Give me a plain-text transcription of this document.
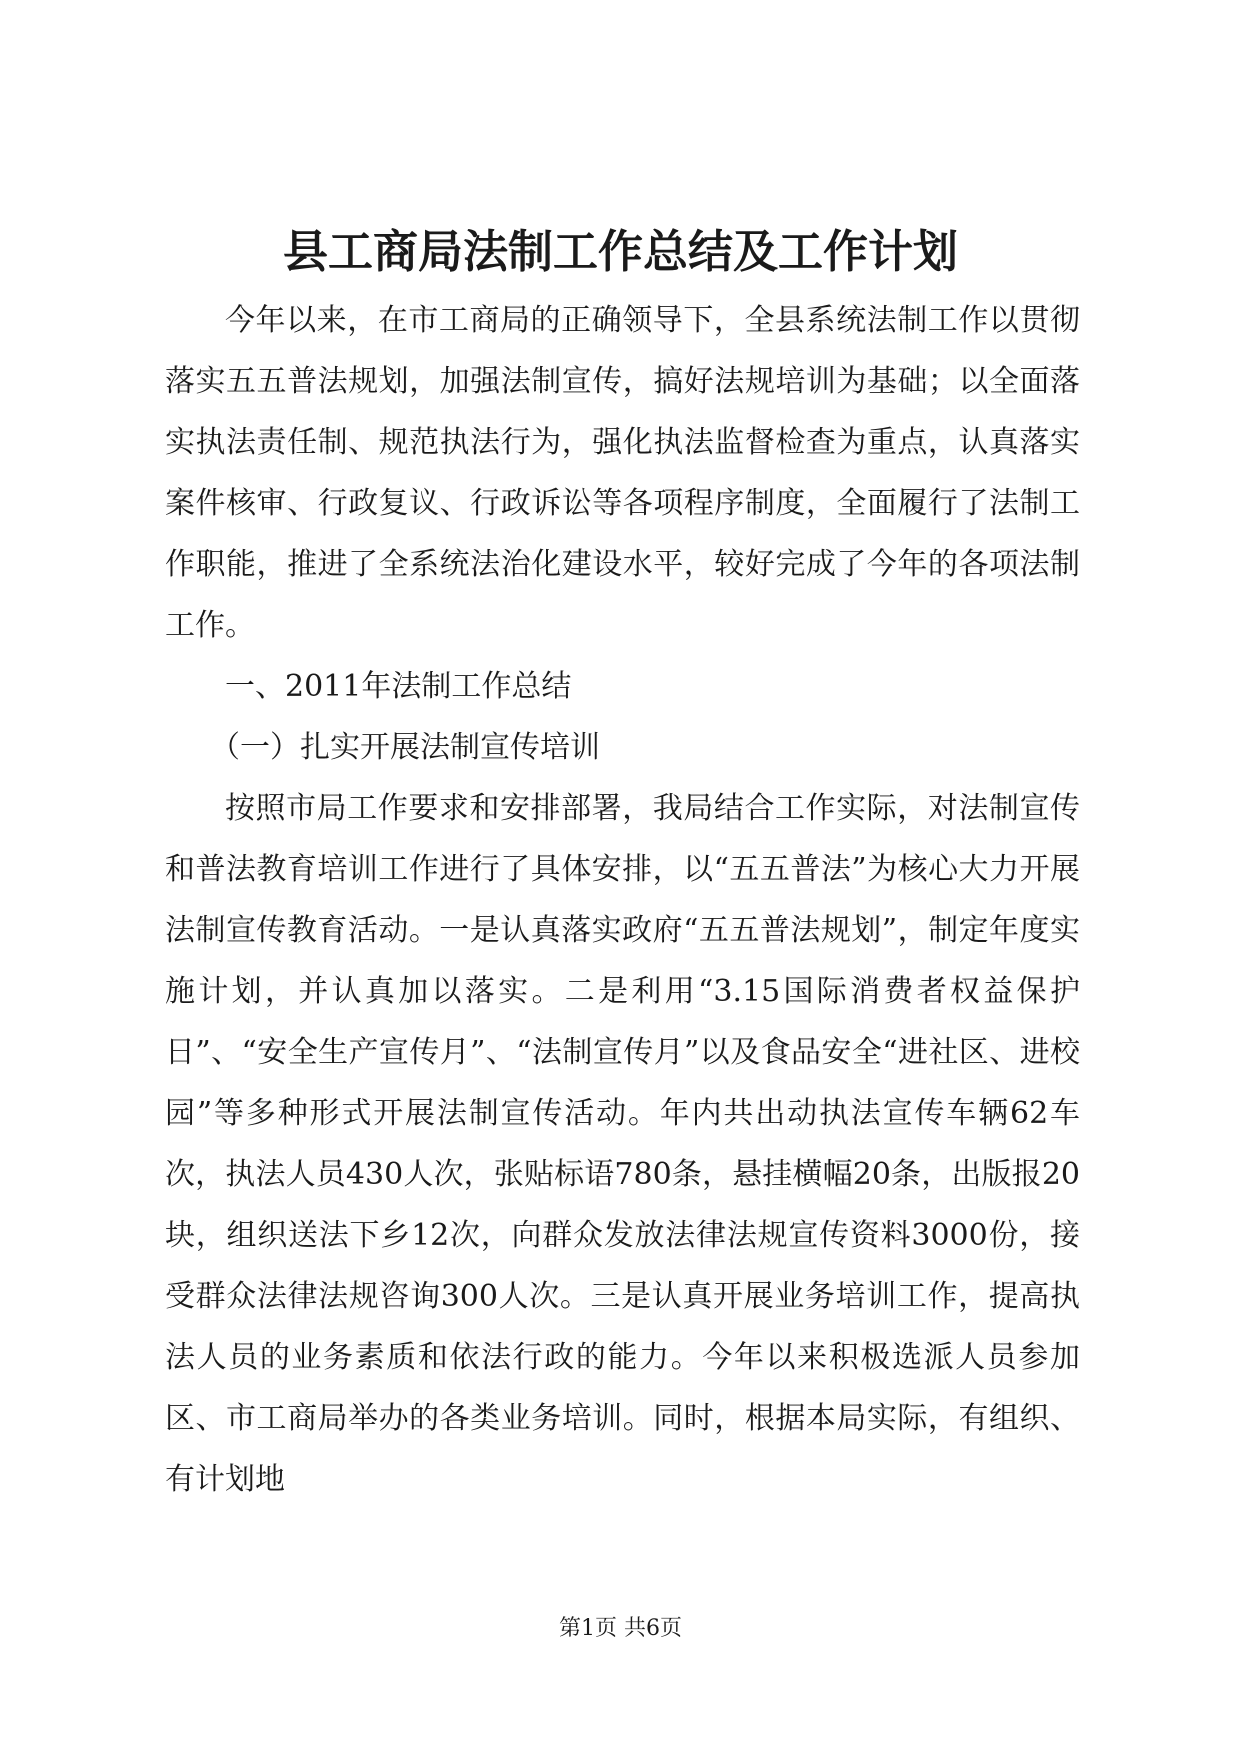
县工商局法制工作总结及工作计划

今年以来，在市工商局的正确领导下，全县系统法制工作以贯彻落实五五普法规划，加强法制宣传，搞好法规培训为基础；以全面落实执法责任制、规范执法行为，强化执法监督检查为重点，认真落实案件核审、行政复议、行政诉讼等各项程序制度，全面履行了法制工作职能，推进了全系统法治化建设水平，较好完成了今年的各项法制工作。

一、2011年法制工作总结

（一）扎实开展法制宣传培训

按照市局工作要求和安排部署，我局结合工作实际，对法制宣传和普法教育培训工作进行了具体安排，以“五五普法”为核心大力开展法制宣传教育活动。一是认真落实政府“五五普法规划”，制定年度实施计划，并认真加以落实。二是利用“3.15国际消费者权益保护日”、“安全生产宣传月”、“法制宣传月”以及食品安全“进社区、进校园”等多种形式开展法制宣传活动。年内共出动执法宣传车辆62车次，执法人员430人次，张贴标语780条，悬挂横幅20条，出版报20块，组织送法下乡12次，向群众发放法律法规宣传资料3000份，接受群众法律法规咨询300人次。三是认真开展业务培训工作，提高执法人员的业务素质和依法行政的能力。今年以来积极选派人员参加区、市工商局举办的各类业务培训。同时，根据本局实际，有组织、有计划地

第1页 共6页
